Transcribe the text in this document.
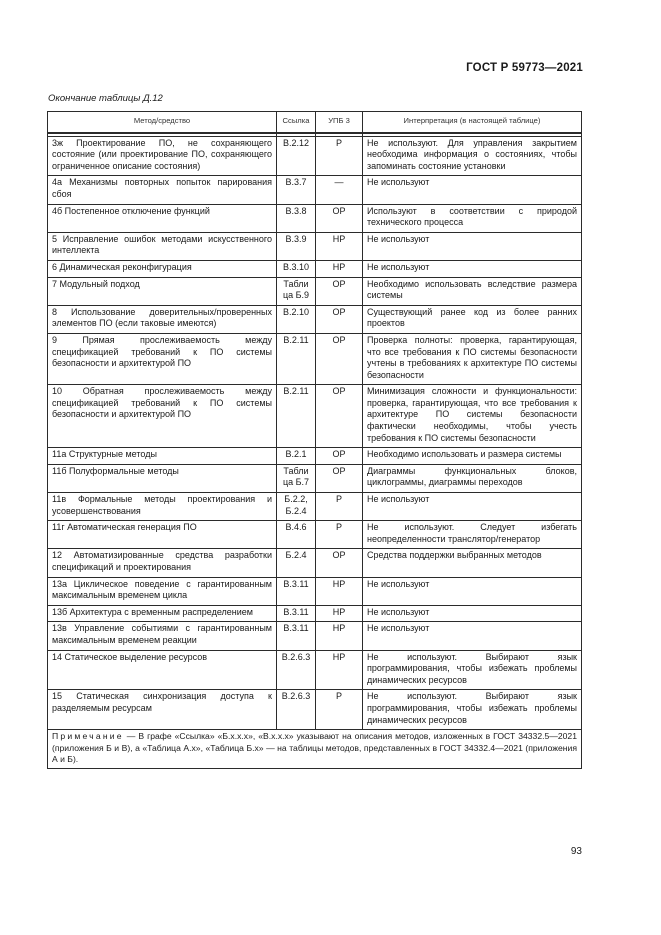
ГОСТ Р 59773—2021
Окончание таблицы Д.12
Метод/средство	Ссылка	УПБ 3	Интерпретация (в настоящей таблице)

3ж Проектирование ПО, не сохраняющего состояние (или проектирование ПО, сохраняющего ограниченное описание состояния)	В.2.12	Р	Не используют. Для управления закрытием необходима информация о состояниях, чтобы запоминать состояние установки
4а Механизмы повторных попыток парирования сбоя	В.3.7	—	Не используют
4б Постепенное отключение функций	В.3.8	ОР	Используют в соответствии с природой технического процесса
5 Исправление ошибок методами искусственного интеллекта	В.3.9	НР	Не используют
6 Динамическая реконфигурация	В.3.10	НР	Не используют
7 Модульный подход	Таблица Б.9	ОР	Необходимо использовать вследствие размера системы
8 Использование доверительных/проверенных элементов ПО (если таковые имеются)	В.2.10	ОР	Существующий ранее код из более ранних проектов
9 Прямая прослеживаемость между спецификацией требований к ПО системы безопасности и архитектурой ПО	В.2.11	ОР	Проверка полноты: проверка, гарантирующая, что все требования к ПО системы безопасности учтены в требованиях к архитектуре ПО системы безопасности
10 Обратная прослеживаемость между спецификацией требований к ПО системы безопасности и архитектурой ПО	В.2.11	ОР	Минимизация сложности и функциональности: проверка, гарантирующая, что все требования к архитектуре ПО системы безопасности фактически необходимы, чтобы учесть требования к ПО системы безопасности
11а Структурные методы	В.2.1	ОР	Необходимо использовать и размера системы
11б Полуформальные методы	Таблица Б.7	ОР	Диаграммы функциональных блоков, циклограммы, диаграммы переходов
11в Формальные методы проектирования и усовершенствования	Б.2.2, Б.2.4	Р	Не используют
11г Автоматическая генерация ПО	В.4.6	Р	Не используют. Следует избегать неопределенности транслятор/генератор
12 Автоматизированные средства разработки спецификаций и проектирования	Б.2.4	ОР	Средства поддержки выбранных методов
13а Циклическое поведение с гарантированным максимальным временем цикла	В.3.11	НР	Не используют
13б Архитектура с временным распределением	В.3.11	НР	Не используют
13в Управление событиями с гарантированным максимальным временем реакции	В.3.11	НР	Не используют
14 Статическое выделение ресурсов	В.2.6.3	НР	Не используют. Выбирают язык программирования, чтобы избежать проблемы динамических ресурсов
15 Статическая синхронизация доступа к разделяемым ресурсам	В.2.6.3	Р	Не используют. Выбирают язык программирования, чтобы избежать проблемы динамических ресурсов
Примечание — В графе «Ссылка» «Б.х.х.х», «В.х.х.х» указывают на описания методов, изложенных в ГОСТ 34332.5—2021 (приложения Б и В), а «Таблица А.х», «Таблица Б.х» — на таблицы методов, представленных в ГОСТ 34332.4—2021 (приложения А и Б).			
93
